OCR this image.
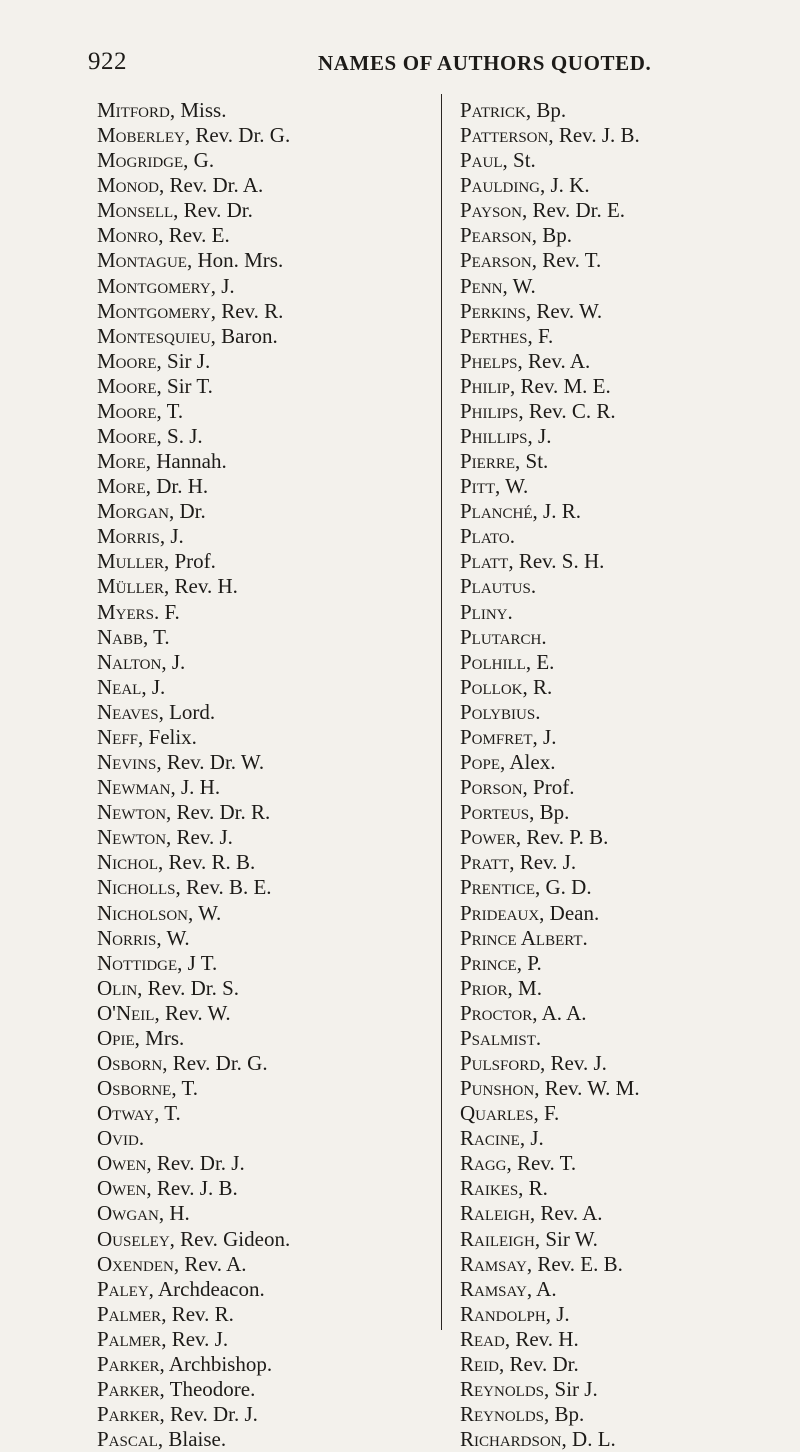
922	NAMES OF AUTHORS QUOTED.
Mitford, Miss.
Moberley, Rev. Dr. G.
Mogridge, G.
Monod, Rev. Dr. A.
Monsell, Rev. Dr.
Monro, Rev. E.
Montague, Hon. Mrs.
Montgomery, J.
Montgomery, Rev. R.
Montesquieu, Baron.
Moore, Sir J.
Moore, Sir T.
Moore, T.
Moore, S. J.
More, Hannah.
More, Dr. H.
Morgan, Dr.
Morris, J.
Muller, Prof.
Müller, Rev. H.
Myers. F.
Nabb, T.
Nalton, J.
Neal, J.
Neaves, Lord.
Neff, Felix.
Nevins, Rev. Dr. W.
Newman, J. H.
Newton, Rev. Dr. R.
Newton, Rev. J.
Nichol, Rev. R. B.
Nicholls, Rev. B. E.
Nicholson, W.
Norris, W.
Nottidge, J T.
Olin, Rev. Dr. S.
O'Neil, Rev. W.
Opie, Mrs.
Osborn, Rev. Dr. G.
Osborne, T.
Otway, T.
Ovid.
Owen, Rev. Dr. J.
Owen, Rev. J. B.
Owgan, H.
Ouseley, Rev. Gideon.
Oxenden, Rev. A.
Paley, Archdeacon.
Palmer, Rev. R.
Palmer, Rev. J.
Parker, Archbishop.
Parker, Theodore.
Parker, Rev. Dr. J.
Pascal, Blaise.
Patrick, Bp.
Patterson, Rev. J. B.
Paul, St.
Paulding, J. K.
Payson, Rev. Dr. E.
Pearson, Bp.
Pearson, Rev. T.
Penn, W.
Perkins, Rev. W.
Perthes, F.
Phelps, Rev. A.
Philip, Rev. M. E.
Philips, Rev. C. R.
Phillips, J.
Pierre, St.
Pitt, W.
Planché, J. R.
Plato.
Platt, Rev. S. H.
Plautus.
Pliny.
Plutarch.
Polhill, E.
Pollok, R.
Polybius.
Pomfret, J.
Pope, Alex.
Porson, Prof.
Porteus, Bp.
Power, Rev. P. B.
Pratt, Rev. J.
Prentice, G. D.
Prideaux, Dean.
Prince Albert.
Prince, P.
Prior, M.
Proctor, A. A.
Psalmist.
Pulsford, Rev. J.
Punshon, Rev. W. M.
Quarles, F.
Racine, J.
Ragg, Rev. T.
Raikes, R.
Raleigh, Rev. A.
Raileigh, Sir W.
Ramsay, Rev. E. B.
Ramsay, A.
Randolph, J.
Read, Rev. H.
Reid, Rev. Dr.
Reynolds, Sir J.
Reynolds, Bp.
Richardson, D. L.
